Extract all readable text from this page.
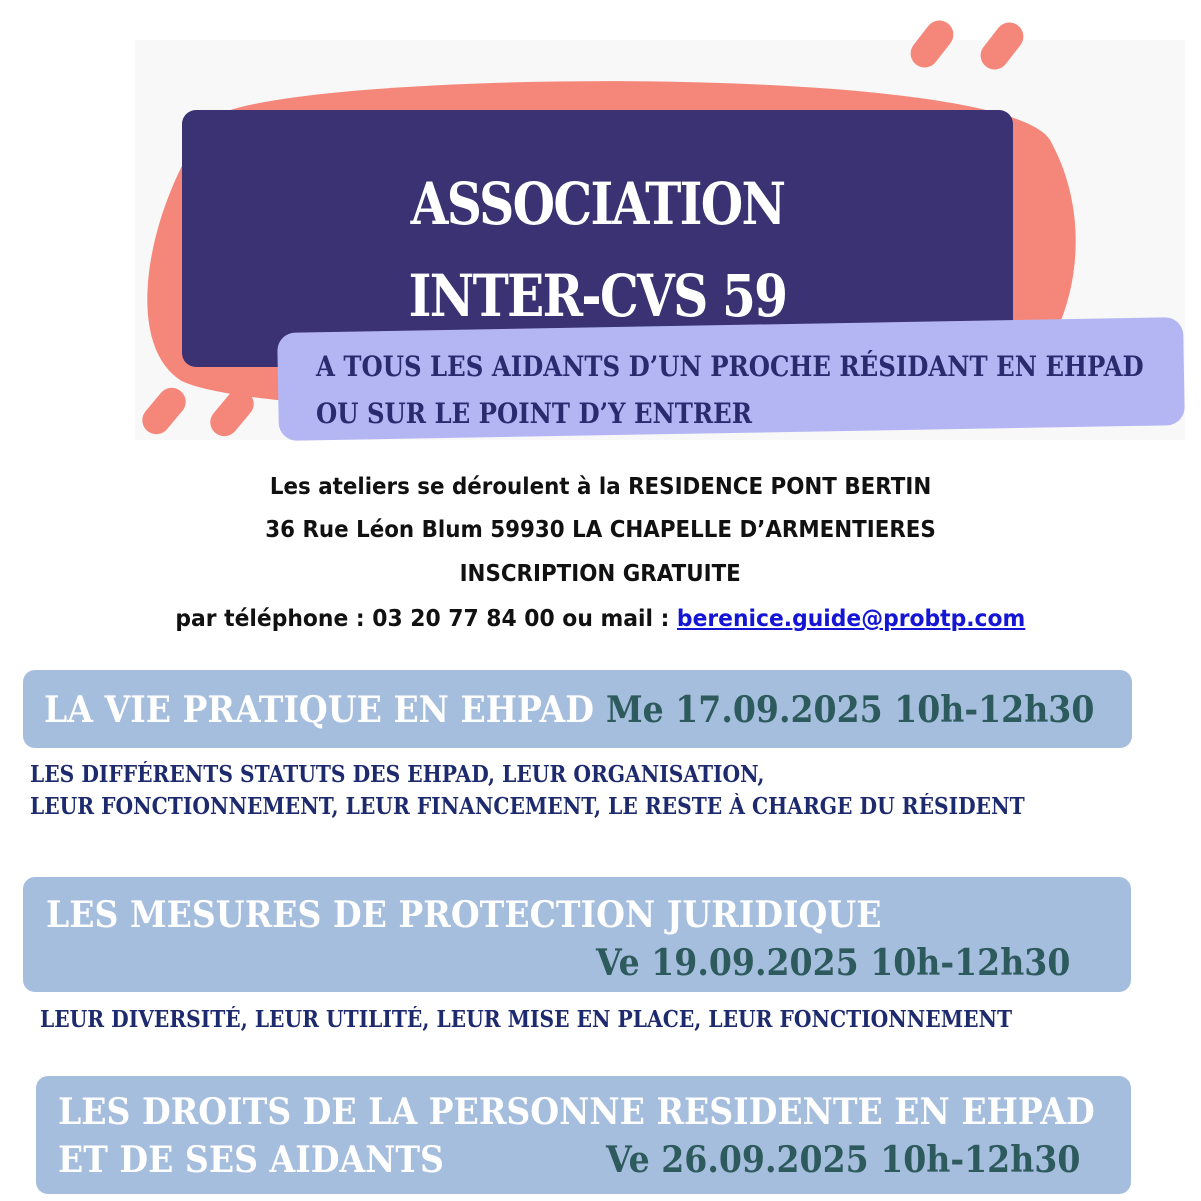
ASSOCIATION
INTER-CVS 59
A TOUS LES AIDANTS D’UN PROCHE RÉSIDANT EN EHPAD
OU SUR LE POINT D’Y ENTRER
Les ateliers se déroulent à la RESIDENCE PONT BERTIN
36 Rue Léon Blum 59930 LA CHAPELLE D’ARMENTIERES
INSCRIPTION GRATUITE
par téléphone : 03 20 77 84 00 ou mail : berenice.guide@probtp.com
LA VIE PRATIQUE EN EHPAD Me 17.09.2025 10h-12h30
LES DIFFÉRENTS STATUTS DES EHPAD, LEUR ORGANISATION,
LEUR FONCTIONNEMENT, LEUR FINANCEMENT, LE RESTE À CHARGE DU RÉSIDENT
LES MESURES DE PROTECTION JURIDIQUE
Ve 19.09.2025 10h-12h30
LEUR DIVERSITÉ, LEUR UTILITÉ, LEUR MISE EN PLACE, LEUR FONCTIONNEMENT
LES DROITS DE LA PERSONNE RESIDENTE EN EHPAD
ET DE SES AIDANTS	Ve 26.09.2025 10h-12h30
